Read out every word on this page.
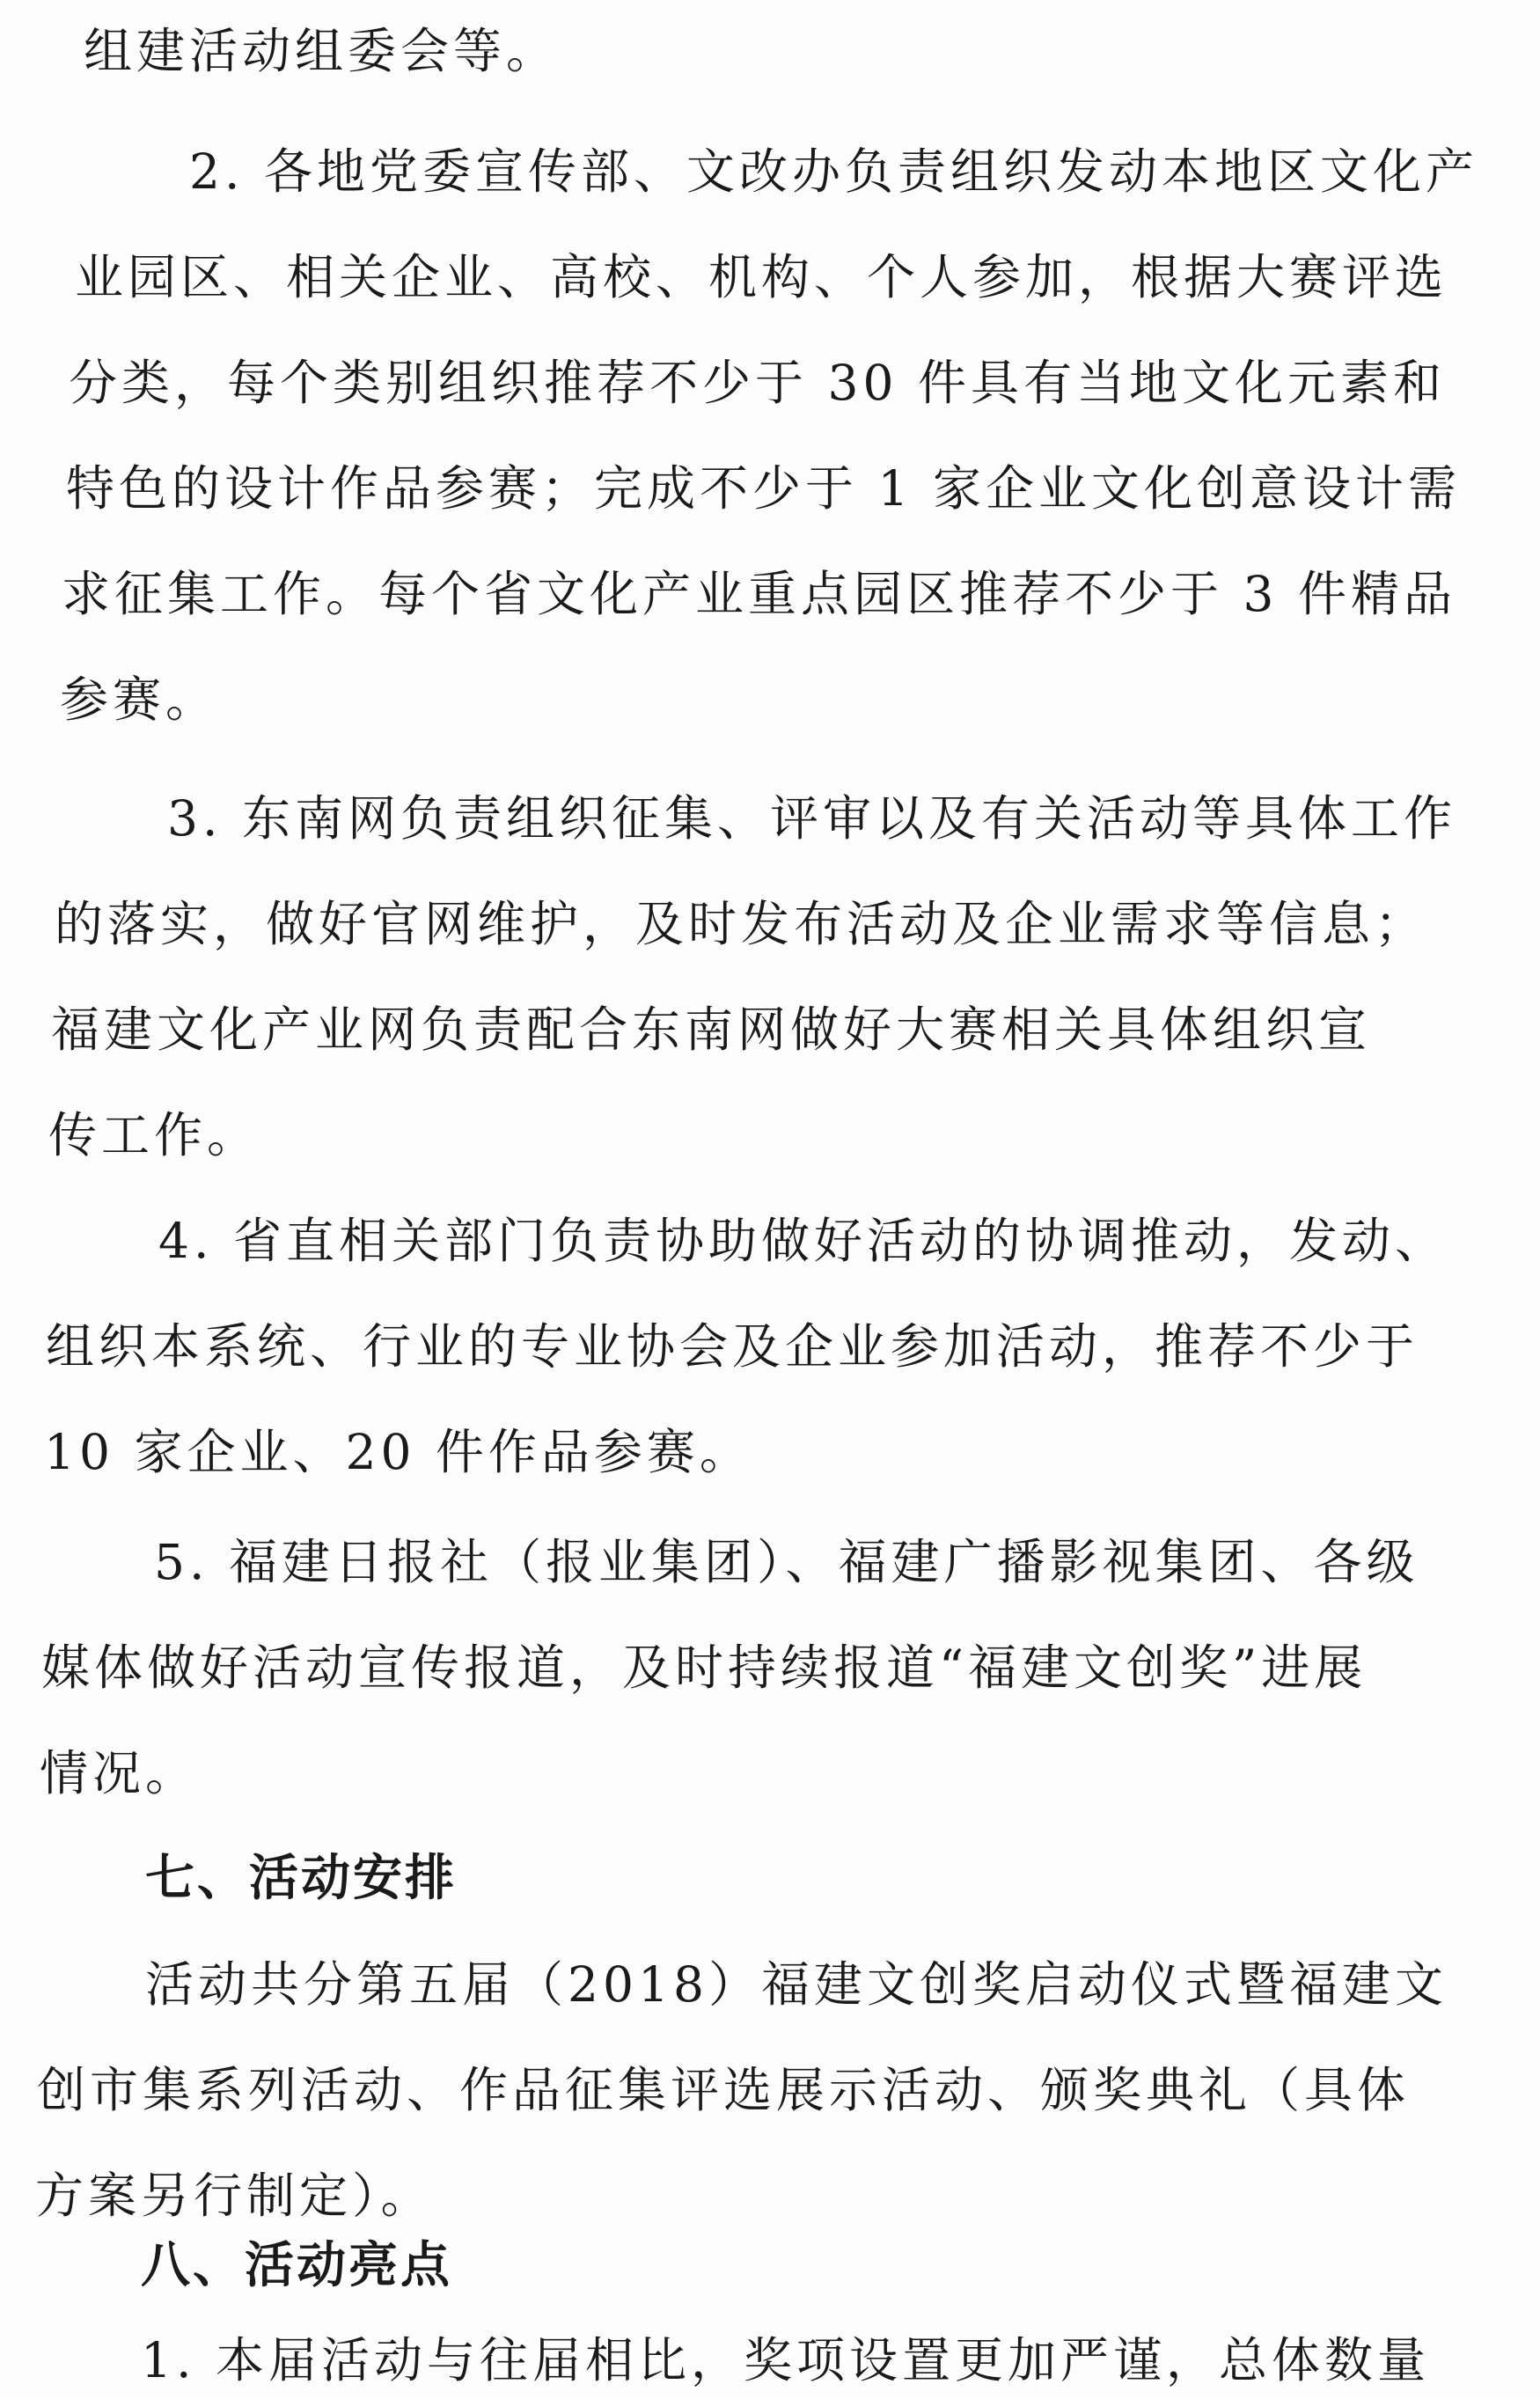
组建活动组委会等。
2. 各地党委宣传部、文改办负责组织发动本地区文化产
业园区、相关企业、高校、机构、个人参加，根据大赛评选
分类，每个类别组织推荐不少于 30 件具有当地文化元素和
特色的设计作品参赛；完成不少于 1 家企业文化创意设计需
求征集工作。每个省文化产业重点园区推荐不少于 3 件精品
参赛。
3. 东南网负责组织征集、评审以及有关活动等具体工作
的落实，做好官网维护，及时发布活动及企业需求等信息；
福建文化产业网负责配合东南网做好大赛相关具体组织宣
传工作。
4. 省直相关部门负责协助做好活动的协调推动，发动、
组织本系统、行业的专业协会及企业参加活动，推荐不少于
10 家企业、20 件作品参赛。
5. 福建日报社（报业集团）、福建广播影视集团、各级
媒体做好活动宣传报道，及时持续报道“福建文创奖”进展
情况。
七、活动安排
活动共分第五届（2018）福建文创奖启动仪式暨福建文
创市集系列活动、作品征集评选展示活动、颁奖典礼（具体
方案另行制定）。
八、活动亮点
1. 本届活动与往届相比，奖项设置更加严谨，总体数量
